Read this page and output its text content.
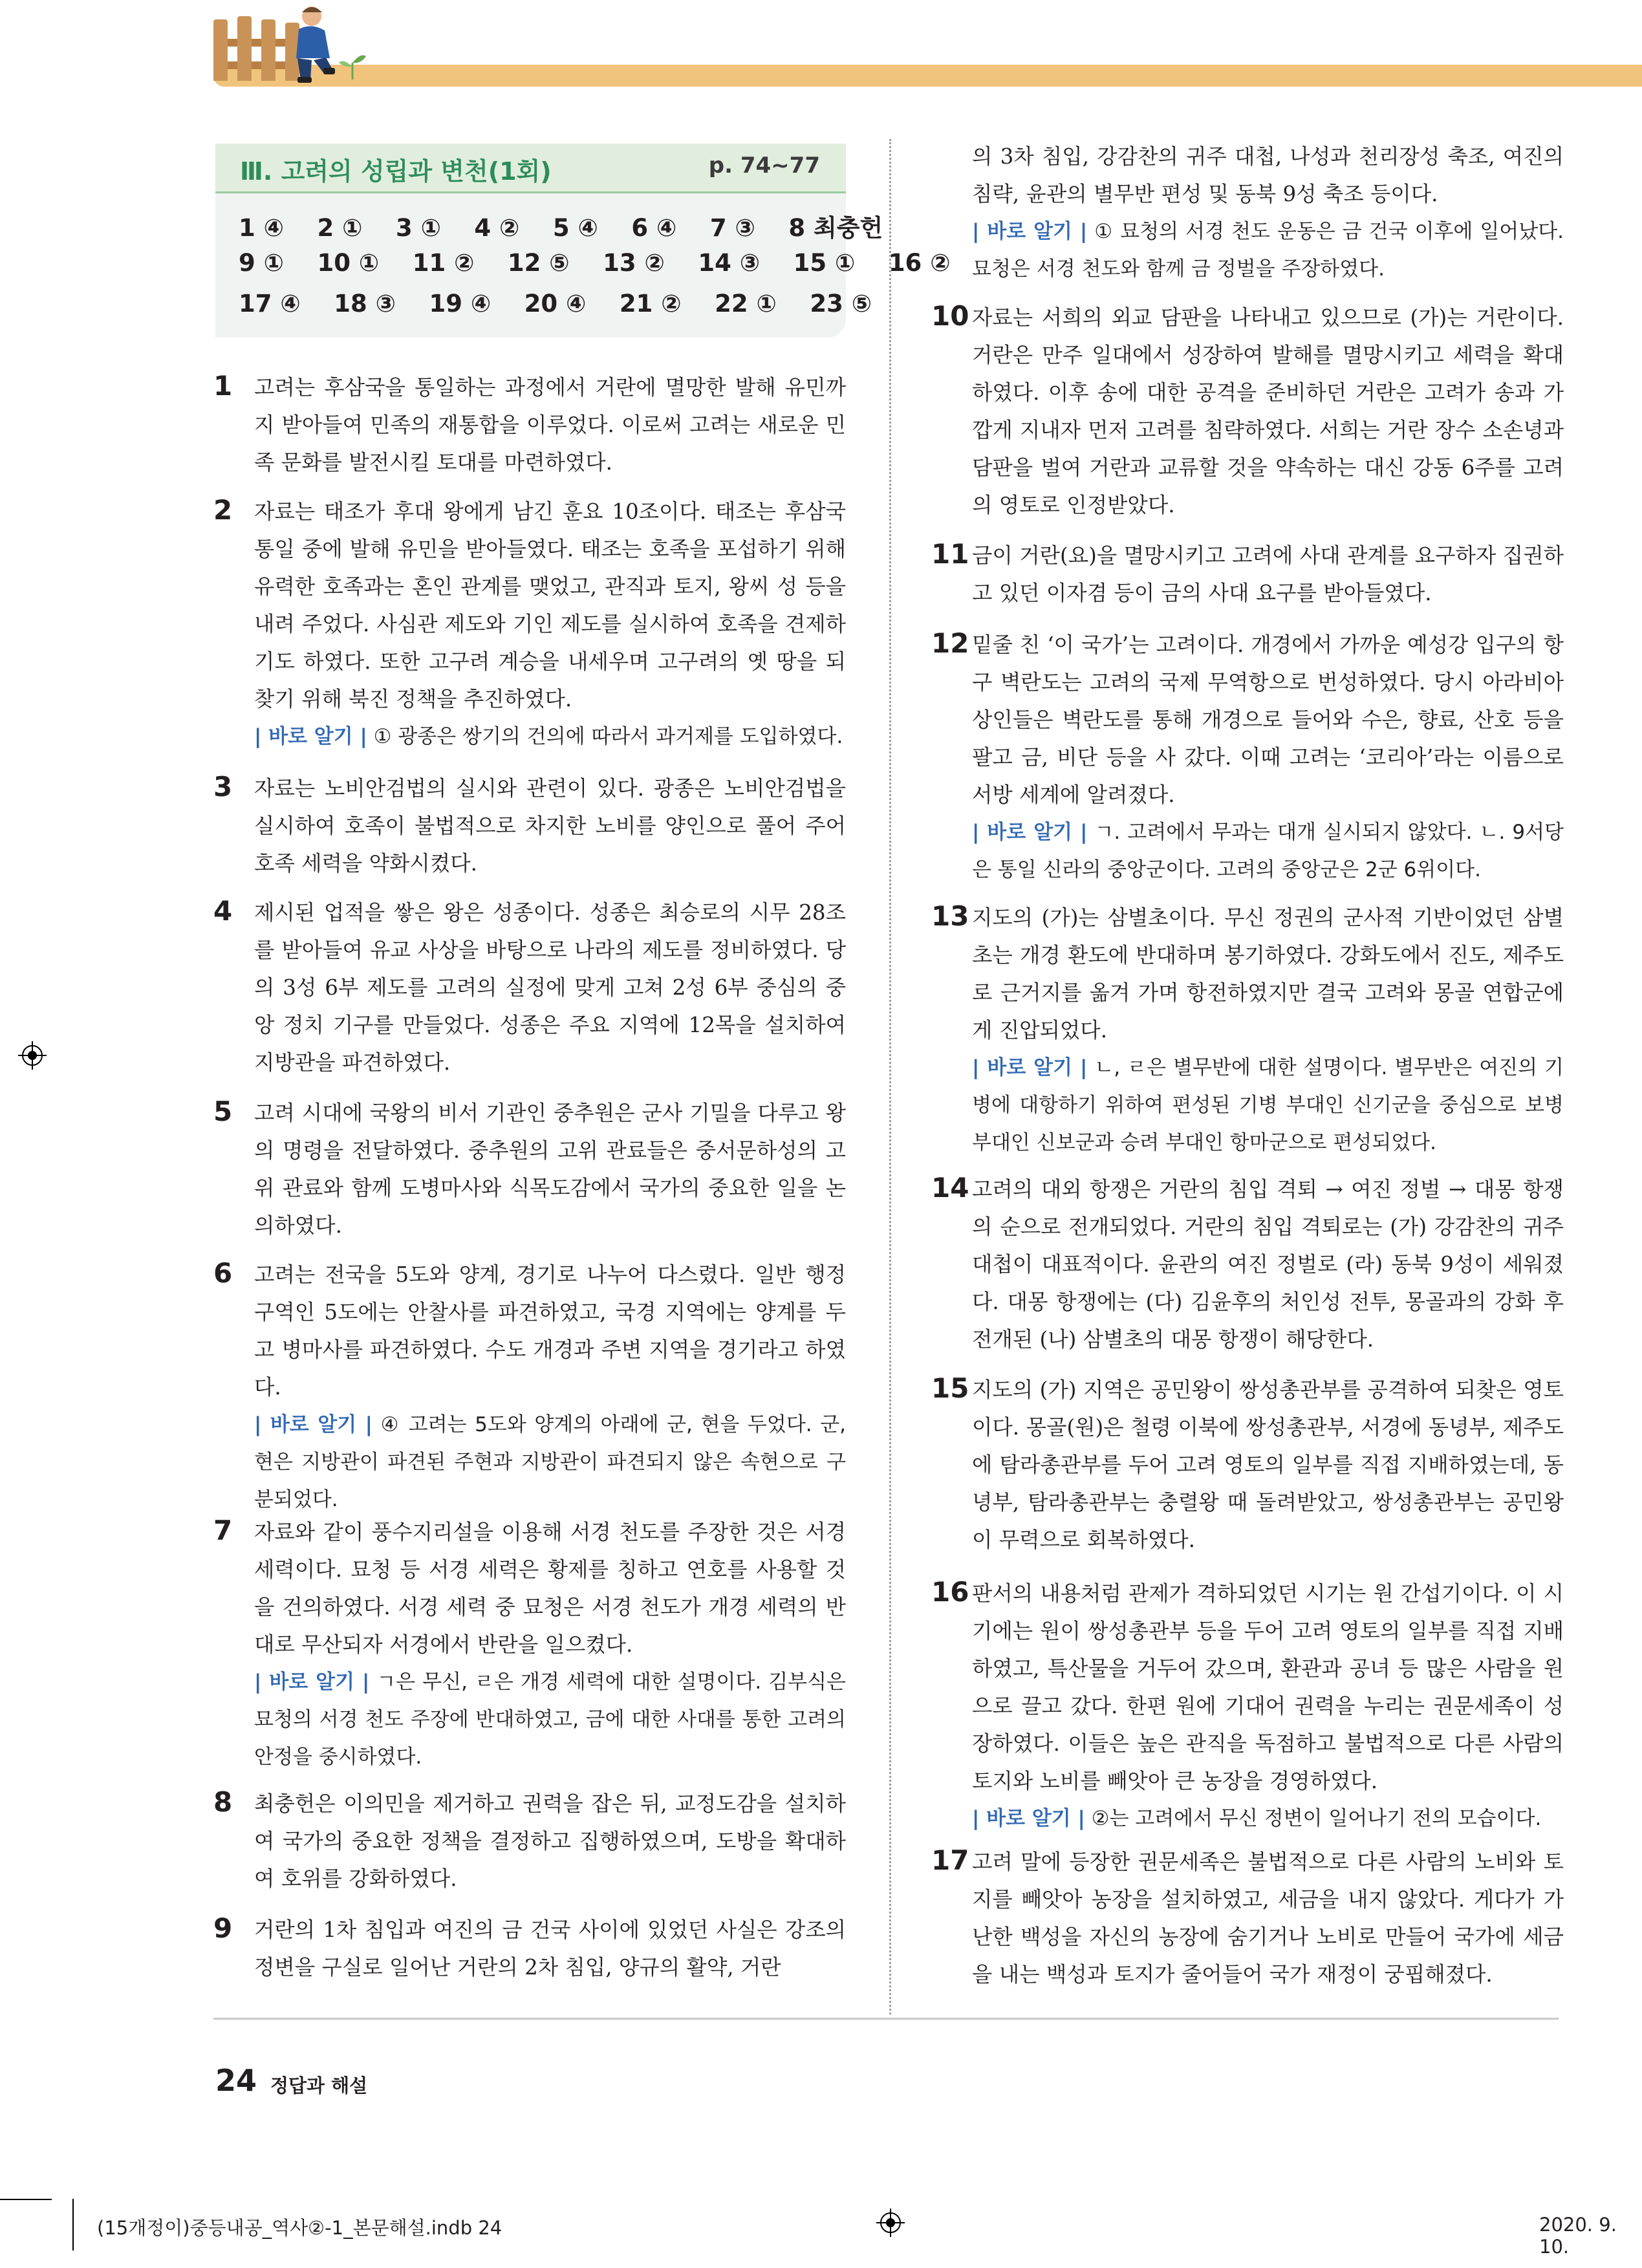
1 ④    2 ①    3 ①    4 ②    5 ④    6 ④    7 ③    8 최충헌
9 ①    10 ①    11 ②    12 ⑤    13 ②    14 ③    15 ①    16 ②
17 ④    18 ③    19 ④    20 ④    21 ②    22 ①    23 ⑤
Ⅲ. 고려의 성립과 변천(1회)	p. 74~77
1 고려는 후삼국을 통일하는 과정에서 거란에 멸망한 발해 유민까지 받아들여 민족의 재통합을 이루었다. 이로써 고려는 새로운 민족 문화를 발전시킬 토대를 마련하였다.

2 자료는 태조가 후대 왕에게 남긴 훈요 10조이다. 태조는 후삼국 통일 중에 발해 유민을 받아들였다. 태조는 호족을 포섭하기 위해 유력한 호족과는 혼인 관계를 맺었고, 관직과 토지, 왕씨 성 등을 내려 주었다. 사심관 제도와 기인 제도를 실시하여 호족을 견제하기도 하였다. 또한 고구려 계승을 내세우며 고구려의 옛 땅을 되찾기 위해 북진 정책을 추진하였다.

| 바로 알기 | ① 광종은 쌍기의 건의에 따라서 과거제를 도입하였다.

3 자료는 노비안검법의 실시와 관련이 있다. 광종은 노비안검법을 실시하여 호족이 불법적으로 차지한 노비를 양인으로 풀어 주어 호족 세력을 약화시켰다.

4 제시된 업적을 쌓은 왕은 성종이다. 성종은 최승로의 시무 28조를 받아들여 유교 사상을 바탕으로 나라의 제도를 정비하였다. 당의 3성 6부 제도를 고려의 실정에 맞게 고쳐 2성 6부 중심의 중앙 정치 기구를 만들었다. 성종은 주요 지역에 12목을 설치하여 지방관을 파견하였다.

5 고려 시대에 국왕의 비서 기관인 중추원은 군사 기밀을 다루고 왕의 명령을 전달하였다. 중추원의 고위 관료들은 중서문하성의 고위 관료와 함께 도병마사와 식목도감에서 국가의 중요한 일을 논의하였다.

6 고려는 전국을 5도와 양계, 경기로 나누어 다스렸다. 일반 행정 구역인 5도에는 안찰사를 파견하였고, 국경 지역에는 양계를 두고 병마사를 파견하였다. 수도 개경과 주변 지역을 경기라고 하였다.

| 바로 알기 | ④ 고려는 5도와 양계의 아래에 군, 현을 두었다. 군, 현은 지방관이 파견된 주현과 지방관이 파견되지 않은 속현으로 구분되었다.

7 자료와 같이 풍수지리설을 이용해 서경 천도를 주장한 것은 서경 세력이다. 묘청 등 서경 세력은 황제를 칭하고 연호를 사용할 것을 건의하였다. 서경 세력 중 묘청은 서경 천도가 개경 세력의 반대로 무산되자 서경에서 반란을 일으켰다.

| 바로 알기 | ㄱ은 무신, ㄹ은 개경 세력에 대한 설명이다. 김부식은 묘청의 서경 천도 주장에 반대하였고, 금에 대한 사대를 통한 고려의 안정을 중시하였다.

8 최충헌은 이의민을 제거하고 권력을 잡은 뒤, 교정도감을 설치하여 국가의 중요한 정책을 결정하고 집행하였으며, 도방을 확대하여 호위를 강화하였다.

9 거란의 1차 침입과 여진의 금 건국 사이에 있었던 사실은 강조의 정변을 구실로 일어난 거란의 2차 침입, 양규의 활약, 거란

의 3차 침입, 강감찬의 귀주 대첩, 나성과 천리장성 축조, 여진의 침략, 윤관의 별무반 편성 및 동북 9성 축조 등이다.

| 바로 알기 | ① 묘청의 서경 천도 운동은 금 건국 이후에 일어났다. 묘청은 서경 천도와 함께 금 정벌을 주장하였다.

10 자료는 서희의 외교 담판을 나타내고 있으므로 (가)는 거란이다. 거란은 만주 일대에서 성장하여 발해를 멸망시키고 세력을 확대하였다. 이후 송에 대한 공격을 준비하던 거란은 고려가 송과 가깝게 지내자 먼저 고려를 침략하였다. 서희는 거란 장수 소손녕과 담판을 벌여 거란과 교류할 것을 약속하는 대신 강동 6주를 고려의 영토로 인정받았다.

11 금이 거란(요)을 멸망시키고 고려에 사대 관계를 요구하자 집권하고 있던 이자겸 등이 금의 사대 요구를 받아들였다.

12 밑줄 친 ‘이 국가’는 고려이다. 개경에서 가까운 예성강 입구의 항구 벽란도는 고려의 국제 무역항으로 번성하였다. 당시 아라비아 상인들은 벽란도를 통해 개경으로 들어와 수은, 향료, 산호 등을 팔고 금, 비단 등을 사 갔다. 이때 고려는 ‘코리아’라는 이름으로 서방 세계에 알려졌다.

| 바로 알기 | ㄱ. 고려에서 무과는 대개 실시되지 않았다. ㄴ. 9서당은 통일 신라의 중앙군이다. 고려의 중앙군은 2군 6위이다.

13 지도의 (가)는 삼별초이다. 무신 정권의 군사적 기반이었던 삼별초는 개경 환도에 반대하며 봉기하였다. 강화도에서 진도, 제주도로 근거지를 옮겨 가며 항전하였지만 결국 고려와 몽골 연합군에게 진압되었다.

| 바로 알기 | ㄴ, ㄹ은 별무반에 대한 설명이다. 별무반은 여진의 기병에 대항하기 위하여 편성된 기병 부대인 신기군을 중심으로 보병 부대인 신보군과 승려 부대인 항마군으로 편성되었다.

14 고려의 대외 항쟁은 거란의 침입 격퇴 → 여진 정벌 → 대몽 항쟁의 순으로 전개되었다. 거란의 침입 격퇴로는 (가) 강감찬의 귀주 대첩이 대표적이다. 윤관의 여진 정벌로 (라) 동북 9성이 세워졌다. 대몽 항쟁에는 (다) 김윤후의 처인성 전투, 몽골과의 강화 후 전개된 (나) 삼별초의 대몽 항쟁이 해당한다.

15 지도의 (가) 지역은 공민왕이 쌍성총관부를 공격하여 되찾은 영토이다. 몽골(원)은 철령 이북에 쌍성총관부, 서경에 동녕부, 제주도에 탐라총관부를 두어 고려 영토의 일부를 직접 지배하였는데, 동녕부, 탐라총관부는 충렬왕 때 돌려받았고, 쌍성총관부는 공민왕이 무력으로 회복하였다.

16 판서의 내용처럼 관제가 격하되었던 시기는 원 간섭기이다. 이 시기에는 원이 쌍성총관부 등을 두어 고려 영토의 일부를 직접 지배하였고, 특산물을 거두어 갔으며, 환관과 공녀 등 많은 사람을 원으로 끌고 갔다. 한편 원에 기대어 권력을 누리는 권문세족이 성장하였다. 이들은 높은 관직을 독점하고 불법적으로 다른 사람의 토지와 노비를 빼앗아 큰 농장을 경영하였다.

| 바로 알기 | ②는 고려에서 무신 정변이 일어나기 전의 모습이다.

17 고려 말에 등장한 권문세족은 불법적으로 다른 사람의 노비와 토지를 빼앗아 농장을 설치하였고, 세금을 내지 않았다. 게다가 가난한 백성을 자신의 농장에 숨기거나 노비로 만들어 국가에 세금을 내는 백성과 토지가 줄어들어 국가 재정이 궁핍해졌다.

24 정답과 해설
(15개정이)중등내공_역사②-1_본문해설.indb 24	2020. 9. 10.
